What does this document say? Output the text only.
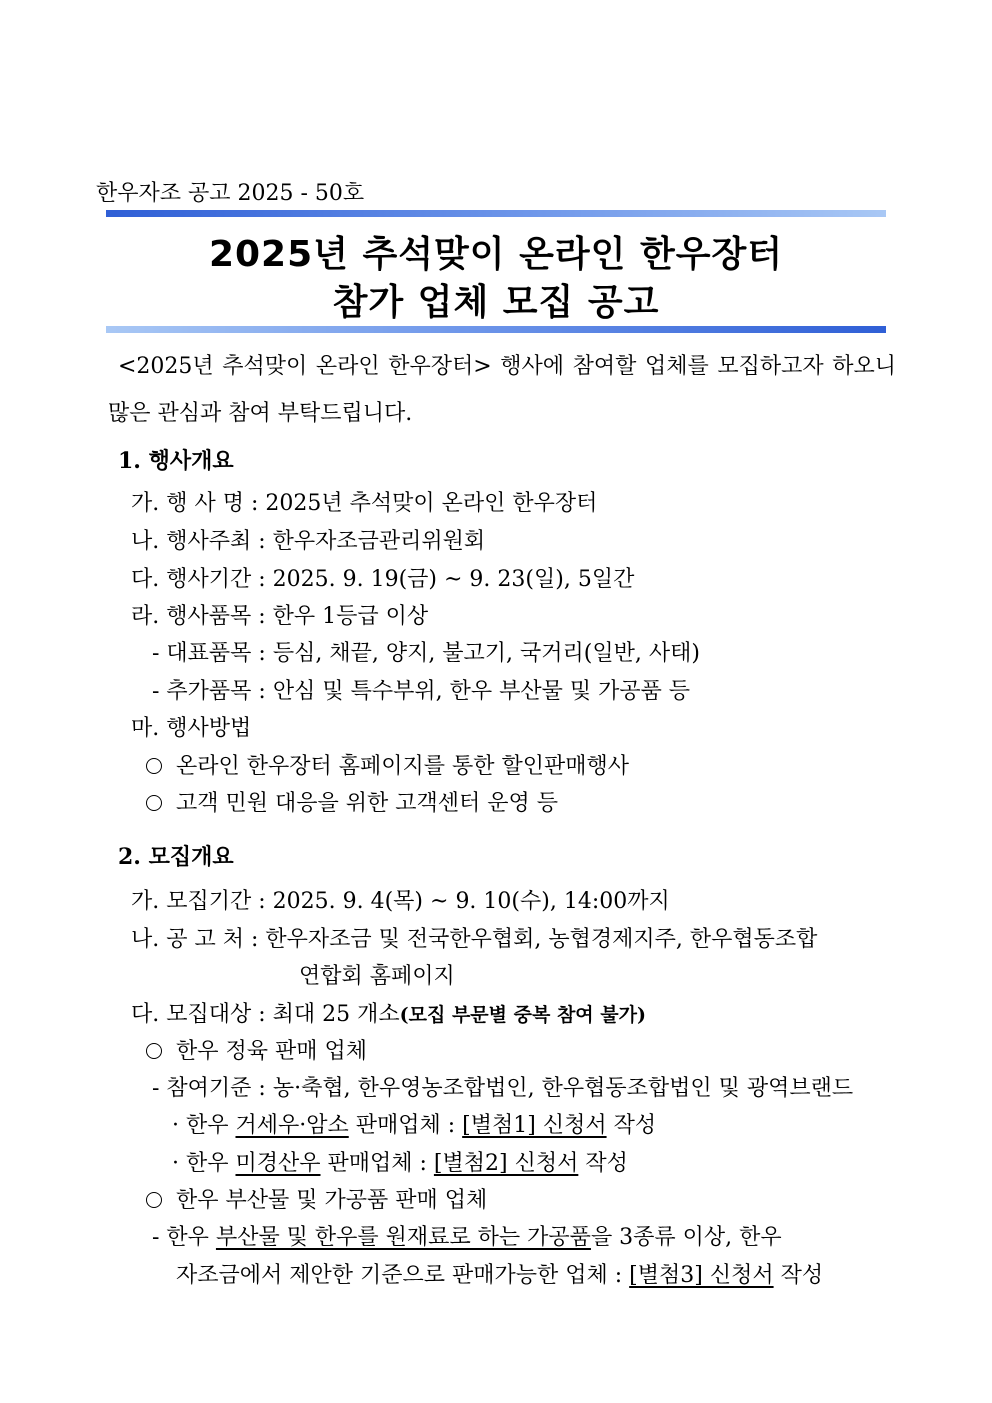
한우자조 공고 2025 - 50호
2025년 추석맞이 온라인 한우장터
참가 업체 모집 공고
<2025년 추석맞이 온라인 한우장터> 행사에 참여할 업체를 모집하고자 하오니
많은 관심과 참여 부탁드립니다.
1. 행사개요
가. 행 사 명 : 2025년 추석맞이 온라인 한우장터
나. 행사주최 : 한우자조금관리위원회
다. 행사기간 : 2025. 9. 19(금) ~ 9. 23(일), 5일간
라. 행사품목 : 한우 1등급 이상
- 대표품목 : 등심, 채끝, 양지, 불고기, 국거리(일반, 사태)
- 추가품목 : 안심 및 특수부위, 한우 부산물 및 가공품 등
마. 행사방법
온라인 한우장터 홈페이지를 통한 할인판매행사
고객 민원 대응을 위한 고객센터 운영 등
2. 모집개요
가. 모집기간 : 2025. 9. 4(목) ~ 9. 10(수), 14:00까지
나. 공 고 처 : 한우자조금 및 전국한우협회, 농협경제지주, 한우협동조합
연합회 홈페이지
다. 모집대상 : 최대 25 개소(모집 부문별 중복 참여 불가)
한우 정육 판매 업체
- 참여기준 : 농·축협, 한우영농조합법인, 한우협동조합법인 및 광역브랜드
· 한우 거세우·암소 판매업체 : [별첨1] 신청서 작성
· 한우 미경산우 판매업체 : [별첨2] 신청서 작성
한우 부산물 및 가공품 판매 업체
- 한우 부산물 및 한우를 원재료로 하는 가공품을 3종류 이상, 한우
자조금에서 제안한 기준으로 판매가능한 업체 : [별첨3] 신청서 작성
